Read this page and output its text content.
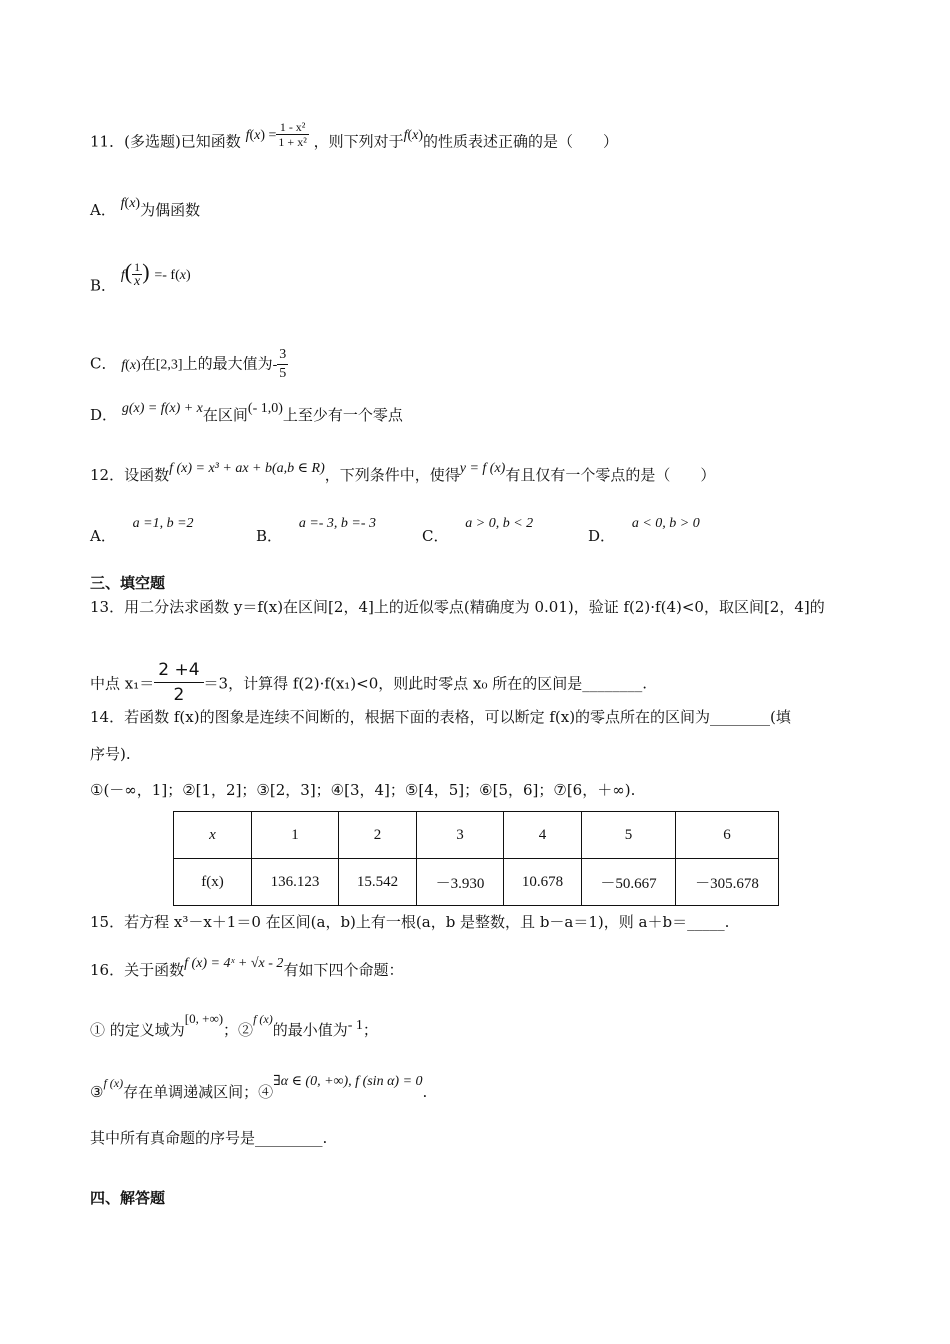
11．(多选题)已知函数 $f(x) = \frac{\text{1 - x²}}{\text{1 + x²}}$ ，则下列对于f(x)的性质表述正确的是（　　）
A． f(x)为偶函数
B． $f( \frac{1}{x}$ ) =- f(x)
C． f(x)在[2,3]上的最大值为- $\frac{3}{5}$
D． g(x) = f(x) + x在区间(- 1,0)上至少有一个零点
12．设函数f (x) = x³ + ax + b(a,b ∈ R)，下列条件中，使得y = f (x)有且仅有一个零点的是（　　）
A． a =1, b =2
B． a =- 3, b =- 3
C． a > 0, b < 2
D． a < 0, b > 0
三、填空题
13．用二分法求函数 y＝f(x)在区间[2，4]上的近似零点(精确度为 0.01)，验证 f(2)·f(4)<0，取区间[2，4]的
中点 $x_1= \frac{2 +4}{2} =3$，计算得 f(2)·f(x₁)<0，则此时零点 x₀ 所在的区间是________.
14．若函数 f(x)的图象是连续不间断的，根据下面的表格，可以断定 f(x)的零点所在的区间为________(填
序号).
①(－∞，1]；②[1，2]；③[2，3]；④[3，4]；⑤[4，5]；⑥[5，6]；⑦[6，＋∞).
x	1	2	3	4	5	6
f(x)	136.123	15.542	－3.930	10.678	－50.667	－305.678
15．若方程 x³－x＋1＝0 在区间(a，b)上有一根(a，b 是整数，且 b－a＝1)，则 a＋b＝_____.
16．关于函数f (x) = 4ˣ + √x - 2有如下四个命题：
① 的定义域为[0, +∞)；②$^{f (x)}$的最小值为- 1；
③$^{f (x)}$存在单调递减区间；④∃α ∈ (0, +∞), f (sin α) = 0.
其中所有真命题的序号是_________.
四、解答题
